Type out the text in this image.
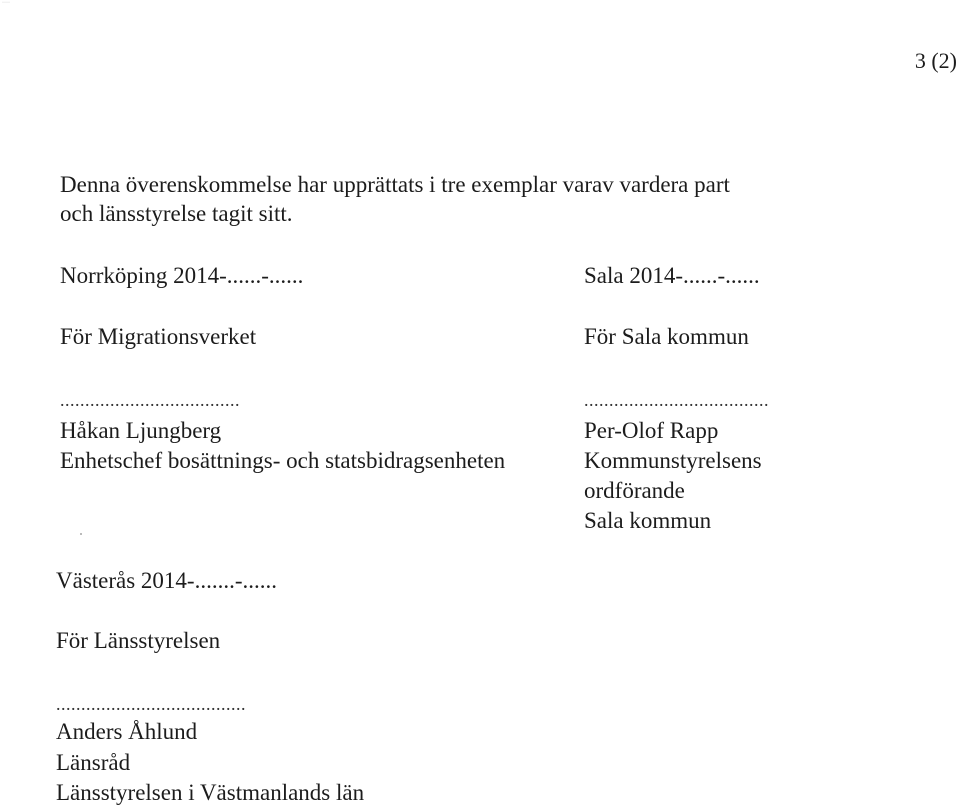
····
3 (2)
Denna överenskommelse har upprättats i tre exemplar varav vardera part
och länsstyrelse tagit sitt.
Norrköping 2014-......-......	Sala 2014-......-......
För Migrationsverket	För Sala kommun
....................................	.....................................
Håkan Ljungberg	Per-Olof Rapp
Enhetschef bosättnings- och statsbidragsenheten	Kommunstyrelsens
ordförande
Sala kommun
Västerås 2014-.......-......
För Länsstyrelsen
......................................
Anders Åhlund
Länsråd
Länsstyrelsen i Västmanlands län
